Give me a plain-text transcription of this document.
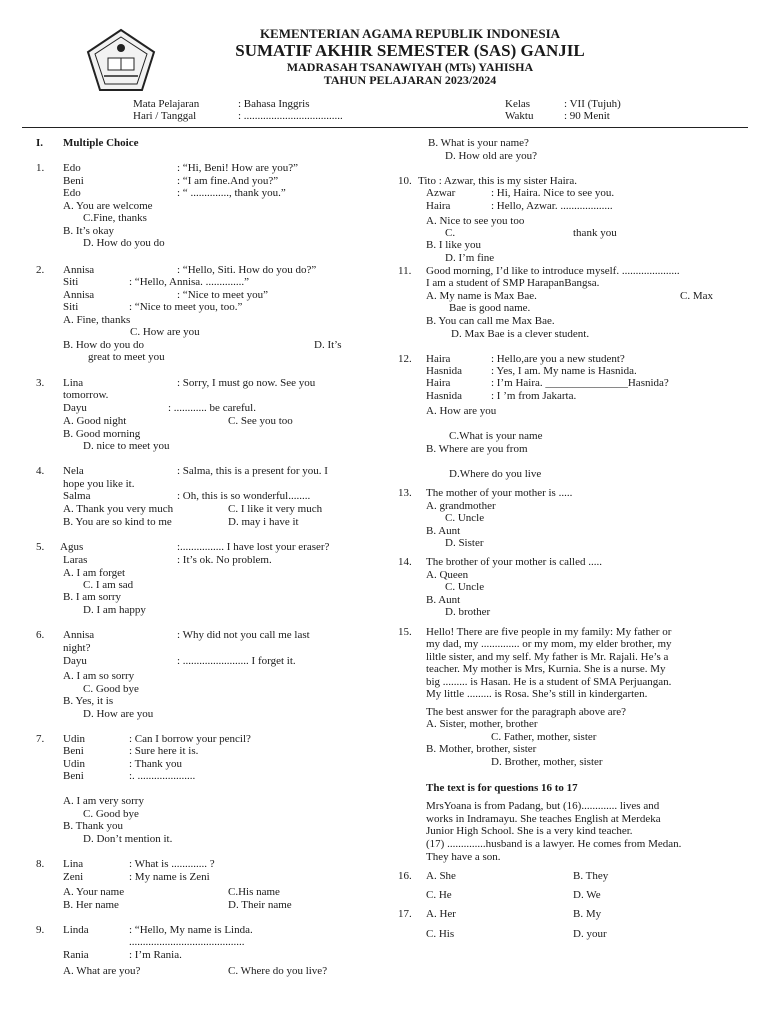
KEMENTERIAN AGAMA REPUBLIK INDONESIA
SUMATIF AKHIR SEMESTER (SAS) GANJIL
MADRASAH TSANAWIYAH (MTs) YAHISHA
TAHUN PELAJARAN 2023/2024
Mata Pelajaran	: Bahasa Inggris
Hari / Tanggal	: ....................................
Kelas	: VII (Tujuh)
Waktu	: 90 Menit
I. Multiple Choice
1. Edo	: “Hi, Beni! How are you?”
Beni	: “I am fine.And you?”
Edo	: “ .............., thank you.”
A. You are welcome
C.Fine, thanks
B. It’s okay
D. How do you do
2. Annisa	: “Hello, Siti. How do you do?”
Siti	: “Hello, Annisa. ..............”
Annisa	: “Nice to meet you”
Siti	: “Nice to meet you, too.”
A. Fine, thanks
C. How are you
B. How do you do	D. It’s
great to meet you
3. Lina	: Sorry, I must go now. See you
tomorrow.
Dayu	: ............ be careful.
A. Good night	C. See you too
B. Good morning
D. nice to meet you
4. Nela	: Salma, this is a present for you. I
hope you like it.
Salma	: Oh, this is so wonderful........
A. Thank you very much	C. I like it very much
B. You are so kind to me	D. may i have it
5. Agus	:................ I have lost your eraser?
Laras	: It’s ok. No problem.
A. I am forget
C. I am sad
B. I am sorry
D. I am happy
6. Annisa	: Why did not you call me last
night?
Dayu	: ........................ I forget it.
A. I am so sorry
C. Good bye
B. Yes, it is
D. How are you
7. Udin	: Can I borrow your pencil?
Beni	: Sure here it is.
Udin	: Thank you
Beni	:. .....................
A. I am very sorry
C. Good bye
B. Thank you
D. Don’t mention it.
8. Lina	: What is ............. ?
Zeni	: My name is Zeni
A. Your name	C.His name
B. Her name	D. Their name
9. Linda	: “Hello, My name is Linda.
..........................................
Rania	: I’m Rania.
A. What are you?	C. Where do you live?
B. What is your name?
D. How old are you?
10. Tito : Azwar, this is my sister Haira.
Azwar	: Hi, Haira. Nice to see you.
Haira	: Hello, Azwar. ...................
A. Nice to see you too
C.	thank you
B. I like you
D. I’m fine
11. Good morning, I’d like to introduce myself. .....................
I am a student of SMP HarapanBangsa.
A. My name is Max Bae.	C. Max
Bae is good name.
B. You can call me Max Bae.
D. Max Bae is a clever student.
12. Haira	: Hello,are you a new student?
Hasnida	: Yes, I am. My name is Hasnida.
Haira	: I’m Haira. _______________Hasnida?
Hasnida	: I ’m from Jakarta.
A. How are you
C.What is your name
B. Where are you from
D.Where do you live
13. The mother of your mother is .....
A. grandmother
C. Uncle
B. Aunt
D. Sister
14. The brother of your mother is called .....
A. Queen
C. Uncle
B. Aunt
D. brother
15. Hello! There are five people in my family: My father or
my dad, my .............. or my mom, my elder brother, my
liltle sister, and my self. My father is Mr. Rajali. He’s a
teacher. My mother is Mrs, Kurnia. She is a nurse. My
big ......... is Hasan. He is a student of SMA Perjuangan.
My little ......... is Rosa. She’s still in kindergarten.
The best answer for the paragraph above are?
A. Sister, mother, brother
C. Father, mother, sister
B. Mother, brother, sister
D. Brother, mother, sister
The text is for questions 16 to 17
MrsYoana is from Padang, but (16)............. lives and
works in Indramayu. She teaches English at Merdeka
Junior High School. She is a very kind teacher.
(17) ..............husband is a lawyer. He comes from Medan.
They have a son.
16. A. She	B. They
C. He	D. We
17. A. Her	B. My
C. His	D. your
